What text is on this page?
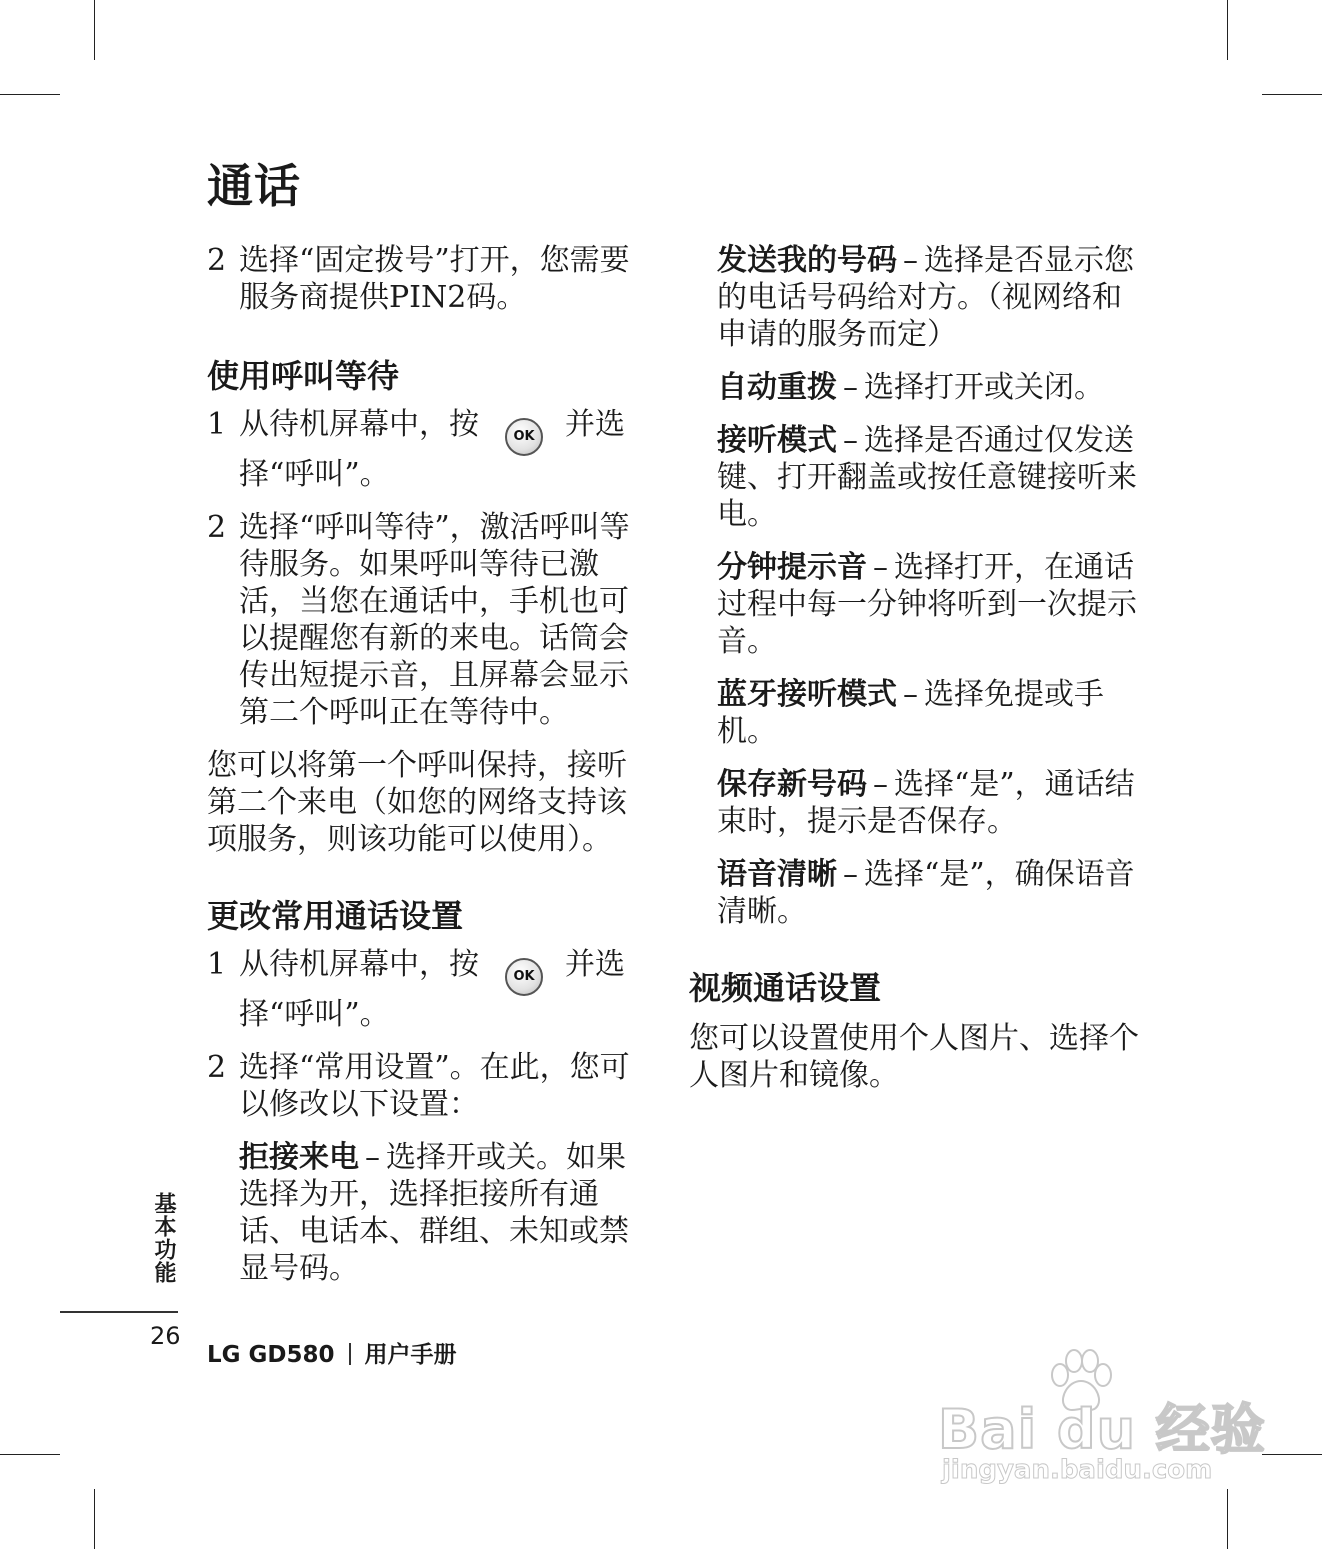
通话
2 选择“固定拨号”打开，您需要服务商提供PIN2码。
使用呼叫等待
1 从待机屏幕中，按	OK 并选择“呼叫”。
2 选择“呼叫等待”，激活呼叫等待服务。如果呼叫等待已激活，当您在通话中，手机也可以提醒您有新的来电。话筒会传出短提示音，且屏幕会显示第二个呼叫正在等待中。

您可以将第一个呼叫保持，接听第二个来电（如您的网络支持该项服务，则该功能可以使用）。

更改常用通话设置
1 从待机屏幕中，按	OK 并选择“呼叫”。
2 选择“常用设置”。在此，您可以修改以下设置：

拒接来电 – 选择开或关。如果选择为开，选择拒接所有通话、电话本、群组、未知或禁显号码。

发送我的号码 – 选择是否显示您的电话号码给对方。（视网络和申请的服务而定）

自动重拨 – 选择打开或关闭。

接听模式 – 选择是否通过仅发送键、打开翻盖或按任意键接听来电。

分钟提示音 – 选择打开，在通话过程中每一分钟将听到一次提示音。

蓝牙接听模式 – 选择免提或手机。

保存新号码 – 选择“是”，通话结束时，提示是否保存。

语音清晰 – 选择“是”，确保语音清晰。

视频通话设置

您可以设置使用个人图片、选择个人图片和镜像。

基本功能
26
LG GD580 用户手册
Bai du 经验
jingyan.baidu.com
